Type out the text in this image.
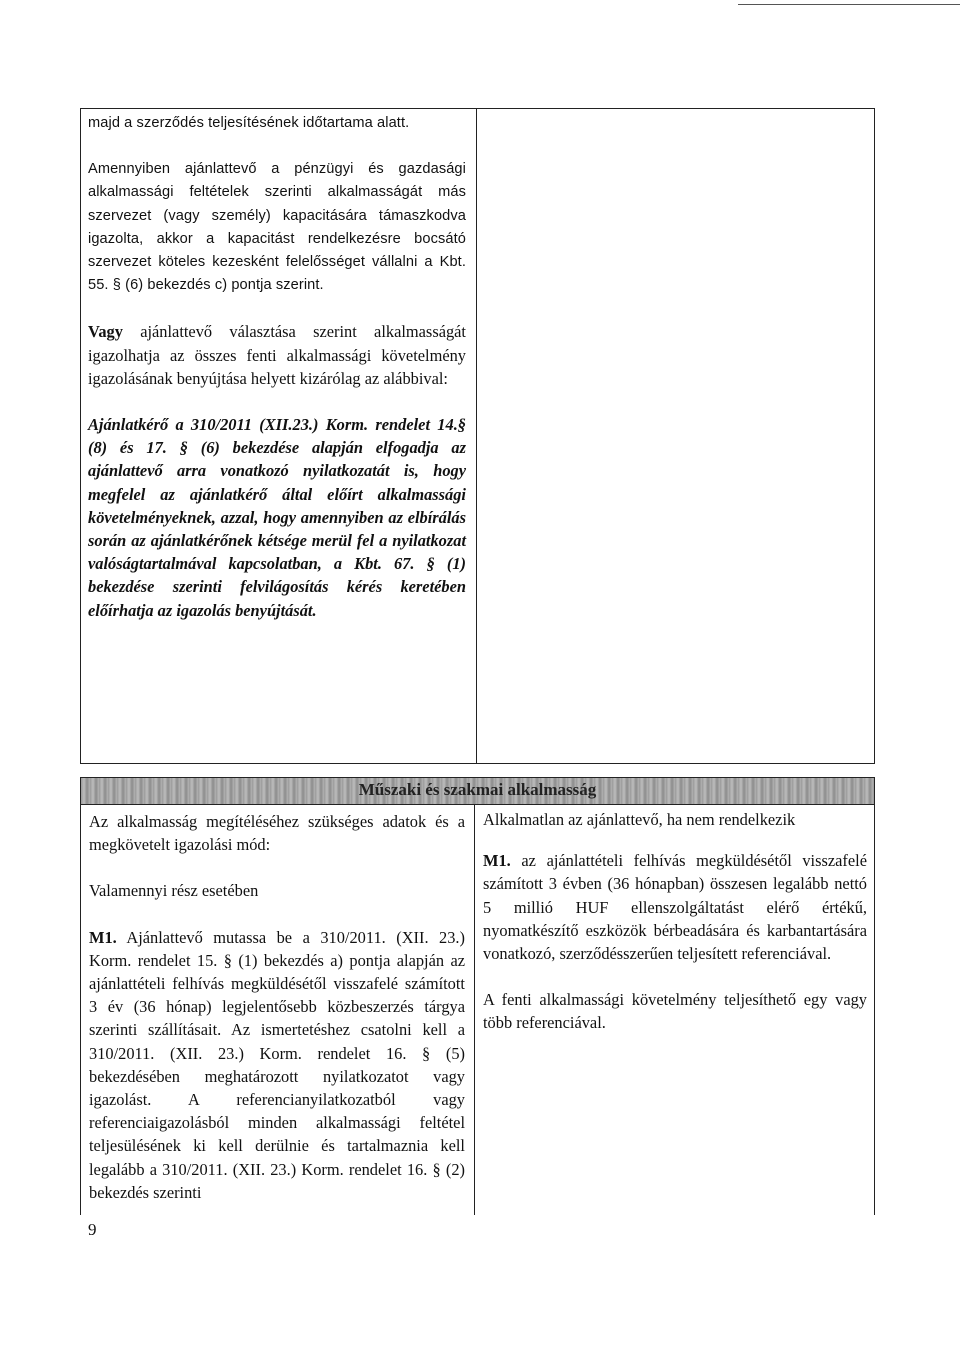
majd a szerződés teljesítésének időtartama alatt.

Amennyiben ajánlattevő a pénzügyi és gazdasági alkalmassági feltételek szerinti alkalmasságát más szervezet (vagy személy) kapacitására támaszkodva igazolta, akkor a kapacitást rendelkezésre bocsátó szervezet köteles kezesként felelősséget vállalni a Kbt. 55. § (6) bekezdés c) pontja szerint.

Vagy ajánlattevő választása szerint alkalmasságát igazolhatja az összes fenti alkalmassági követelmény igazolásának benyújtása helyett kizárólag az alábbival:

Ajánlatkérő a 310/2011 (XII.23.) Korm. rendelet 14.§ (8) és 17. § (6) bekezdése alapján elfogadja az ajánlattevő arra vonatkozó nyilatkozatát is, hogy megfelel az ajánlatkérő által előírt alkalmassági követelményeknek, azzal, hogy amennyiben az elbírálás során az ajánlatkérőnek kétsége merül fel a nyilatkozat valóságtartalmával kapcsolatban, a Kbt. 67. § (1) bekezdése szerinti felvilágosítás kérés keretében előírhatja az igazolás benyújtását.

Műszaki és szakmai alkalmasság

Az alkalmasság megítéléséhez szükséges adatok és a megkövetelt igazolási mód:

Valamennyi rész esetében

M1. Ajánlattevő mutassa be a 310/2011. (XII. 23.) Korm. rendelet 15. § (1) bekezdés a) pontja alapján az ajánlattételi felhívás megküldésétől visszafelé számított 3 év (36 hónap) legjelentősebb közbeszerzés tárgya szerinti szállításait. Az ismertetéshez csatolni kell a 310/2011. (XII. 23.) Korm. rendelet 16. § (5) bekezdésében meghatározott nyilatkozatot vagy igazolást. A referencianyilatkozatból vagy referenciaigazolásból minden alkalmassági feltétel teljesülésének ki kell derülnie és tartalmaznia kell legalább a 310/2011. (XII. 23.) Korm. rendelet 16. § (2) bekezdés szerinti

Alkalmatlan az ajánlattevő, ha nem rendelkezik

M1. az ajánlattételi felhívás megküldésétől visszafelé számított 3 évben (36 hónapban) összesen legalább nettó 5 millió HUF ellenszolgáltatást elérő értékű, nyomatkészítő eszközök bérbeadására és karbantartására vonatkozó, szerződésszerűen teljesített referenciával.

A fenti alkalmassági követelmény teljesíthető egy vagy több referenciával.

9
